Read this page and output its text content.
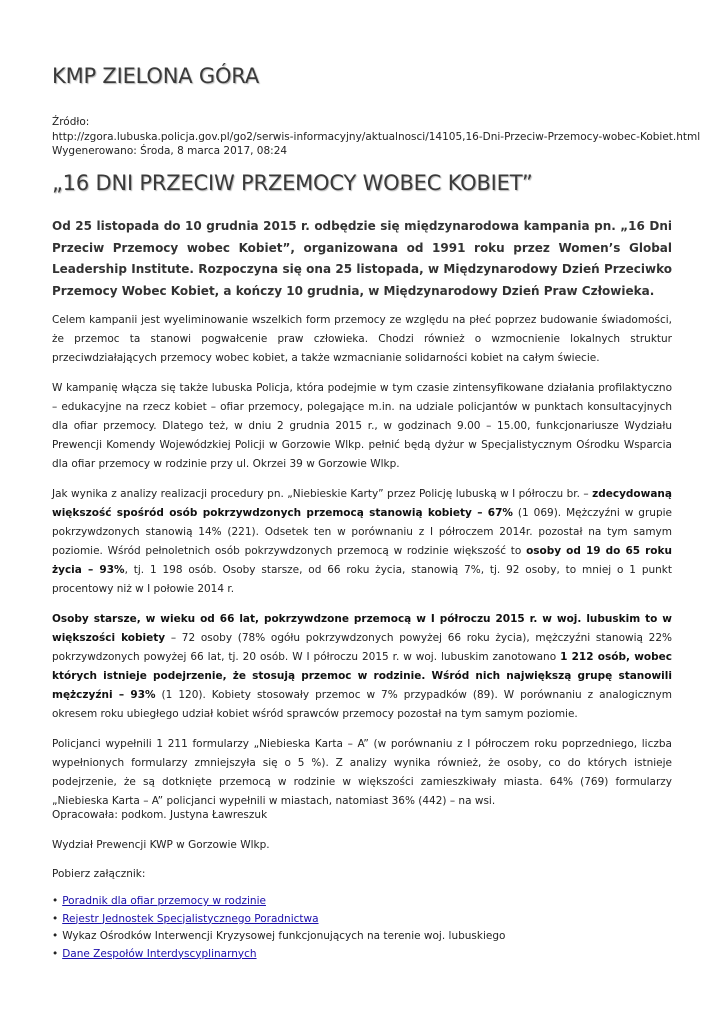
KMP ZIELONA GÓRA
Źródło:
http://zgora.lubuska.policja.gov.pl/go2/serwis-informacyjny/aktualnosci/14105,16-Dni-Przeciw-Przemocy-wobec-Kobiet.html
Wygenerowano: Środa, 8 marca 2017, 08:24
„16 DNI PRZECIW PRZEMOCY WOBEC KOBIET”

Od 25 listopada do 10 grudnia 2015 r. odbędzie się międzynarodowa kampania pn. „16 Dni Przeciw Przemocy wobec Kobiet”, organizowana od 1991 roku przez Women’s Global Leadership Institute. Rozpoczyna się ona 25 listopada, w Międzynarodowy Dzień Przeciwko Przemocy Wobec Kobiet, a kończy 10 grudnia, w Międzynarodowy Dzień Praw Człowieka.

Celem kampanii jest wyeliminowanie wszelkich form przemocy ze względu na płeć poprzez budowanie świadomości, że przemoc ta stanowi pogwałcenie praw człowieka. Chodzi również o wzmocnienie lokalnych struktur przeciwdziałających przemocy wobec kobiet, a także wzmacnianie solidarności kobiet na całym świecie.

W kampanię włącza się także lubuska Policja, która podejmie w tym czasie zintensyfikowane działania profilaktyczno – edukacyjne na rzecz kobiet – ofiar przemocy, polegające m.in. na udziale policjantów w punktach konsultacyjnych dla ofiar przemocy. Dlatego też, w dniu 2 grudnia 2015 r., w godzinach 9.00 – 15.00, funkcjonariusze Wydziału Prewencji Komendy Wojewódzkiej Policji w Gorzowie Wlkp. pełnić będą dyżur w Specjalistycznym Ośrodku Wsparcia dla ofiar przemocy w rodzinie przy ul. Okrzei 39 w Gorzowie Wlkp.

Jak wynika z analizy realizacji procedury pn. „Niebieskie Karty” przez Policję lubuską w I półroczu br. – zdecydowaną większość spośród osób pokrzywdzonych przemocą stanowią kobiety – 67% (1 069). Mężczyźni w grupie pokrzywdzonych stanowią 14% (221). Odsetek ten w porównaniu z I półroczem 2014r. pozostał na tym samym poziomie. Wśród pełnoletnich osób pokrzywdzonych przemocą w rodzinie większość to osoby od 19 do 65 roku życia – 93%, tj. 1 198 osób. Osoby starsze, od 66 roku życia, stanowią 7%, tj. 92 osoby, to mniej o 1 punkt procentowy niż w I połowie 2014 r.

Osoby starsze, w wieku od 66 lat, pokrzywdzone przemocą w I półroczu 2015 r. w woj. lubuskim to w większości kobiety – 72 osoby (78% ogółu pokrzywdzonych powyżej 66 roku życia), mężczyźni stanowią 22% pokrzywdzonych powyżej 66 lat, tj. 20 osób. W I półroczu 2015 r. w woj. lubuskim zanotowano 1 212 osób, wobec których istnieje podejrzenie, że stosują przemoc w rodzinie. Wśród nich największą grupę stanowili mężczyźni – 93% (1 120). Kobiety stosowały przemoc w 7% przypadków (89). W porównaniu z analogicznym okresem roku ubiegłego udział kobiet wśród sprawców przemocy pozostał na tym samym poziomie.

Policjanci wypełnili 1 211 formularzy „Niebieska Karta – A” (w porównaniu z I półroczem roku poprzedniego, liczba wypełnionych formularzy zmniejszyła się o 5 %). Z analizy wynika również, że osoby, co do których istnieje podejrzenie, że są dotknięte przemocą w rodzinie w większości zamieszkiwały miasta. 64% (769) formularzy „Niebieska Karta – A” policjanci wypełnili w miastach, natomiast 36% (442) – na wsi.

Opracowała: podkom. Justyna Ławreszuk

Wydział Prewencji KWP w Gorzowie Wlkp.

Pobierz załącznik:

• Poradnik dla ofiar przemocy w rodzinie
• Rejestr Jednostek Specjalistycznego Poradnictwa
• Wykaz Ośrodków Interwencji Kryzysowej funkcjonujących na terenie woj. lubuskiego
• Dane Zespołów Interdyscyplinarnych
